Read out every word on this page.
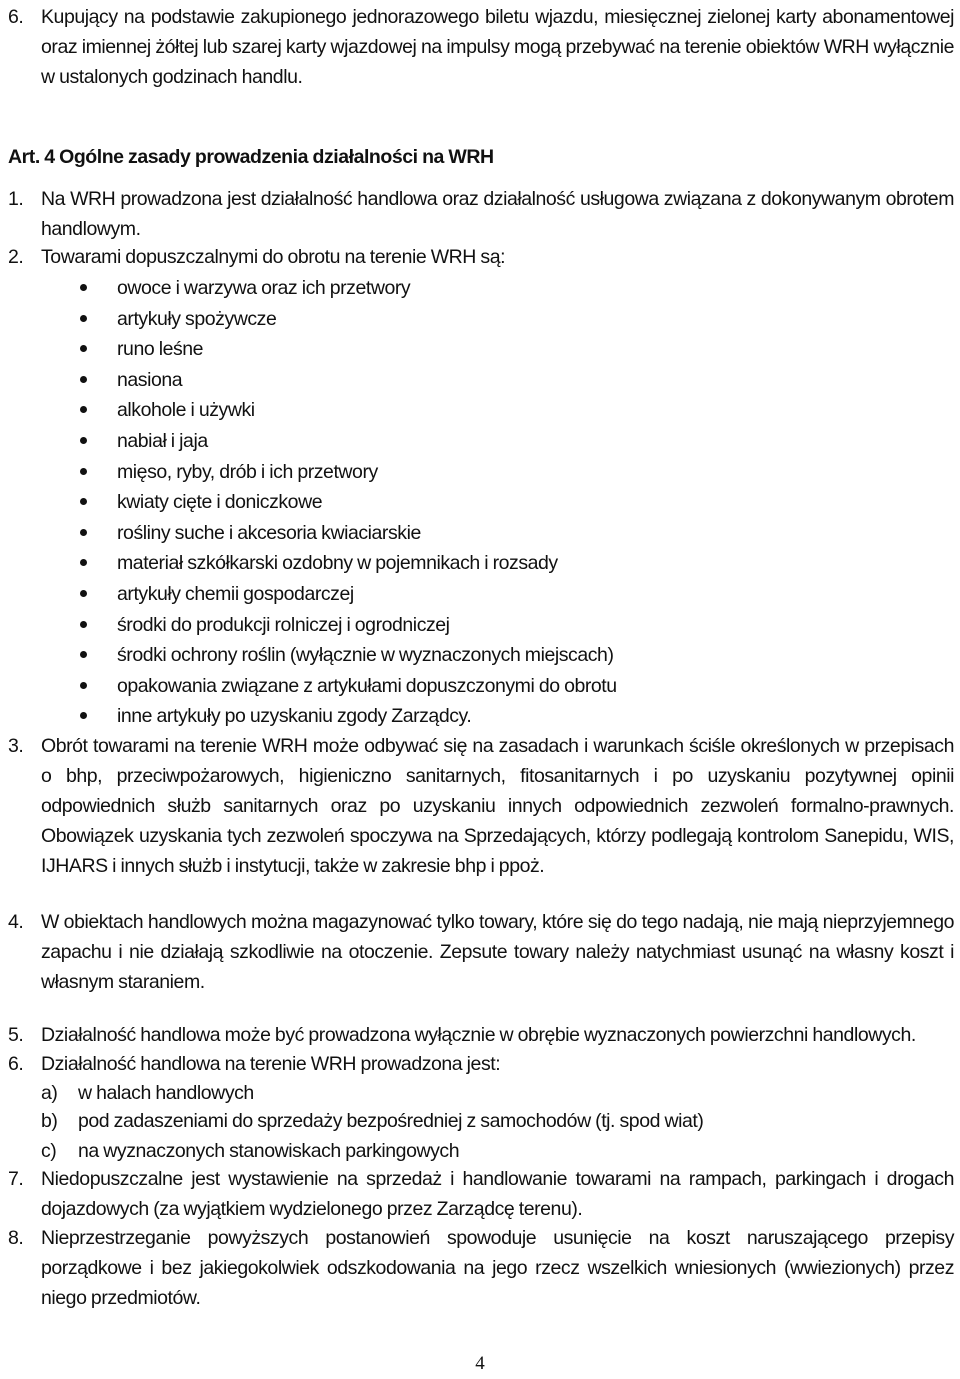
6. Kupujący na podstawie zakupionego jednorazowego biletu wjazdu, miesięcznej zielonej karty abonamentowej oraz imiennej żółtej lub szarej karty wjazdowej na impulsy mogą przebywać na terenie obiektów WRH wyłącznie w ustalonych godzinach handlu.
Art. 4 Ogólne zasady prowadzenia działalności na WRH
1. Na WRH prowadzona jest działalność handlowa oraz działalność usługowa związana z dokonywanym obrotem handlowym.
2. Towarami dopuszczalnymi do obrotu na terenie WRH są:
owoce i warzywa oraz ich przetwory
artykuły spożywcze
runo leśne
nasiona
alkohole i używki
nabiał i jaja
mięso, ryby, drób i ich przetwory
kwiaty cięte i doniczkowe
rośliny suche i akcesoria kwiaciarskie
materiał szkółkarski ozdobny w pojemnikach i rozsady
artykuły chemii gospodarczej
środki do produkcji rolniczej i ogrodniczej
środki ochrony roślin (wyłącznie w wyznaczonych miejscach)
opakowania związane z artykułami dopuszczonymi do obrotu
inne artykuły po uzyskaniu zgody Zarządcy.
3. Obrót towarami na terenie WRH może odbywać się na zasadach i warunkach ściśle określonych w przepisach o bhp, przeciwpożarowych, higieniczno sanitarnych, fitosanitarnych i po uzyskaniu pozytywnej opinii odpowiednich służb sanitarnych oraz po uzyskaniu innych odpowiednich zezwoleń formalno-prawnych. Obowiązek uzyskania tych zezwoleń spoczywa na Sprzedających, którzy podlegają kontrolom Sanepidu, WIS, IJHARS i innych służb i instytucji, także w zakresie bhp i ppoż.
4. W obiektach handlowych można magazynować tylko towary, które się do tego nadają, nie mają nieprzyjemnego zapachu i nie działają szkodliwie na otoczenie. Zepsute towary należy natychmiast usunąć na własny koszt i własnym staraniem.
5. Działalność handlowa może być prowadzona wyłącznie w obrębie wyznaczonych powierzchni handlowych.
6. Działalność handlowa na terenie WRH prowadzona jest:
a) w halach handlowych
b) pod zadaszeniami do sprzedaży bezpośredniej z samochodów (tj. spod wiat)
c) na wyznaczonych stanowiskach parkingowych
7. Niedopuszczalne jest wystawienie na sprzedaż i handlowanie towarami na rampach, parkingach i drogach dojazdowych (za wyjątkiem wydzielonego przez Zarządcę terenu).
8. Nieprzestrzeganie powyższych postanowień spowoduje usunięcie na koszt naruszającego przepisy porządkowe i bez jakiegokolwiek odszkodowania na jego rzecz wszelkich wniesionych (wwiezionych) przez niego przedmiotów.
4
